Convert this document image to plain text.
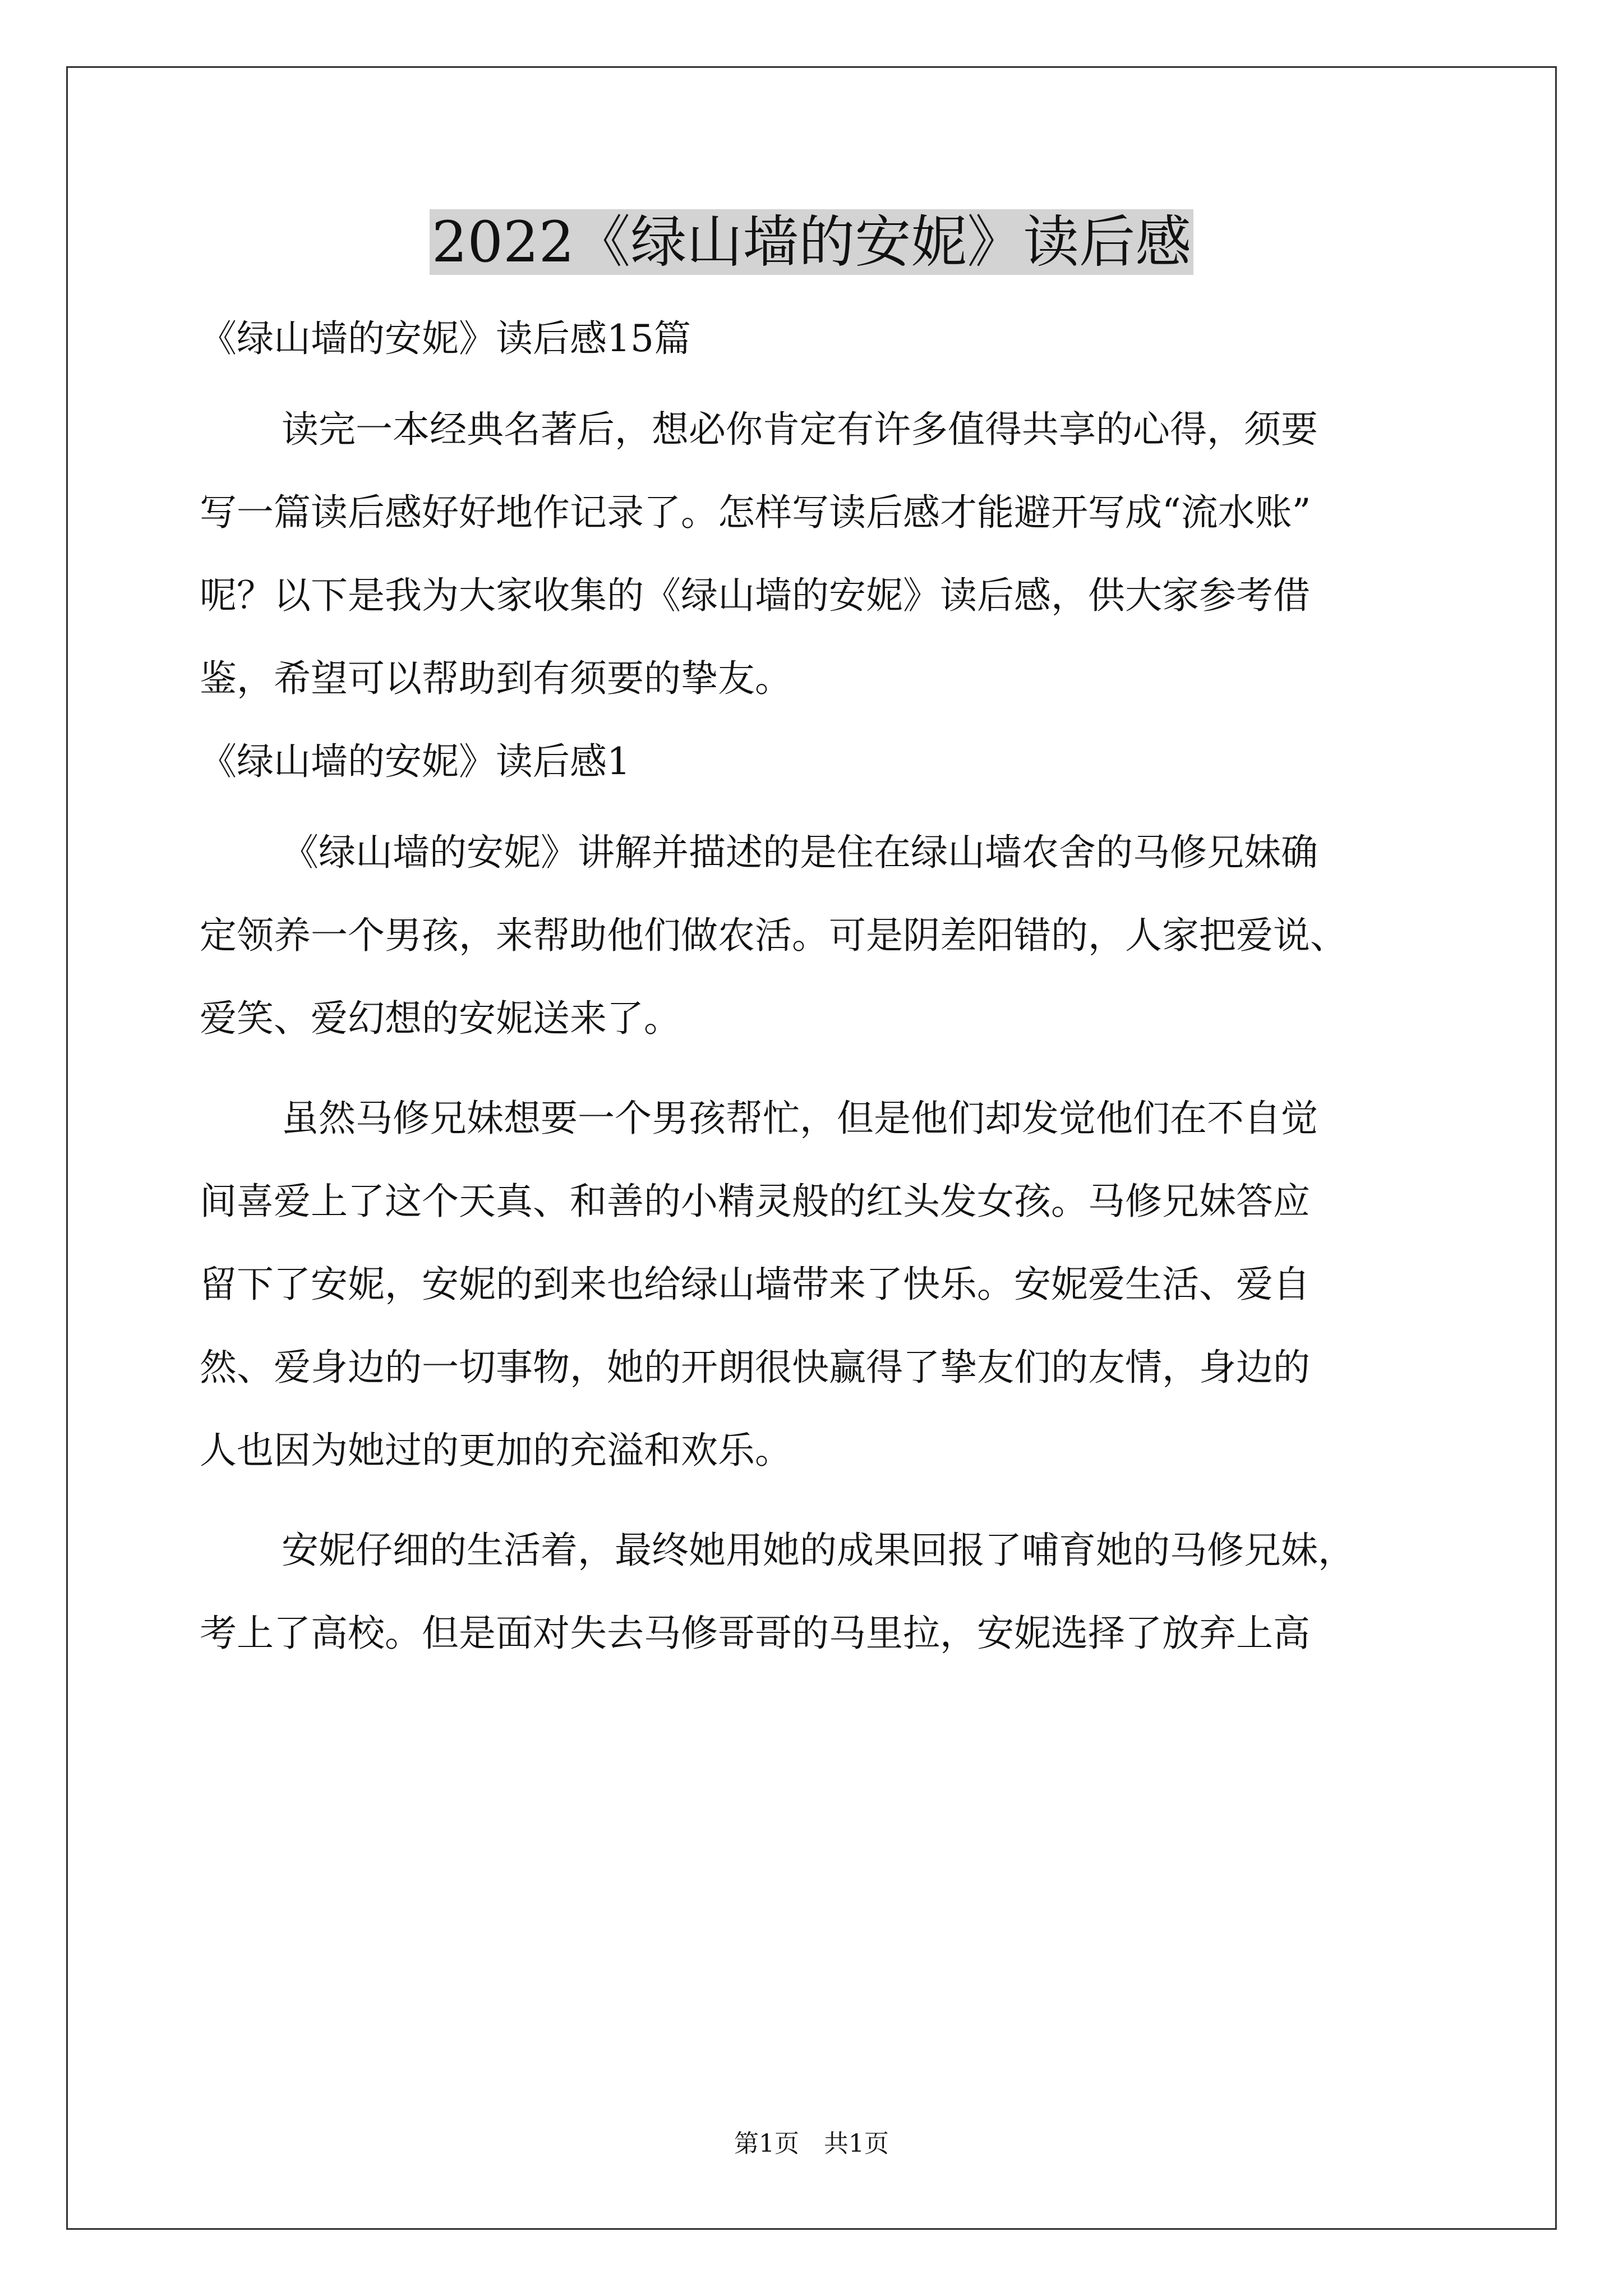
2022《绿山墙的安妮》读后感

《绿山墙的安妮》读后感15篇

读完一本经典名著后，想必你肯定有许多值得共享的心得，须要

写一篇读后感好好地作记录了。怎样写读后感才能避开写成“流水账”

呢？以下是我为大家收集的《绿山墙的安妮》读后感，供大家参考借

鉴，希望可以帮助到有须要的挚友。

《绿山墙的安妮》读后感1

《绿山墙的安妮》讲解并描述的是住在绿山墙农舍的马修兄妹确

定领养一个男孩，来帮助他们做农活。可是阴差阳错的，人家把爱说、

爱笑、爱幻想的安妮送来了。

虽然马修兄妹想要一个男孩帮忙，但是他们却发觉他们在不自觉

间喜爱上了这个天真、和善的小精灵般的红头发女孩。马修兄妹答应

留下了安妮，安妮的到来也给绿山墙带来了快乐。安妮爱生活、爱自

然、爱身边的一切事物，她的开朗很快赢得了挚友们的友情，身边的

人也因为她过的更加的充溢和欢乐。

安妮仔细的生活着，最终她用她的成果回报了哺育她的马修兄妹，

考上了高校。但是面对失去马修哥哥的马里拉，安妮选择了放弃上高

第1页 共1页
